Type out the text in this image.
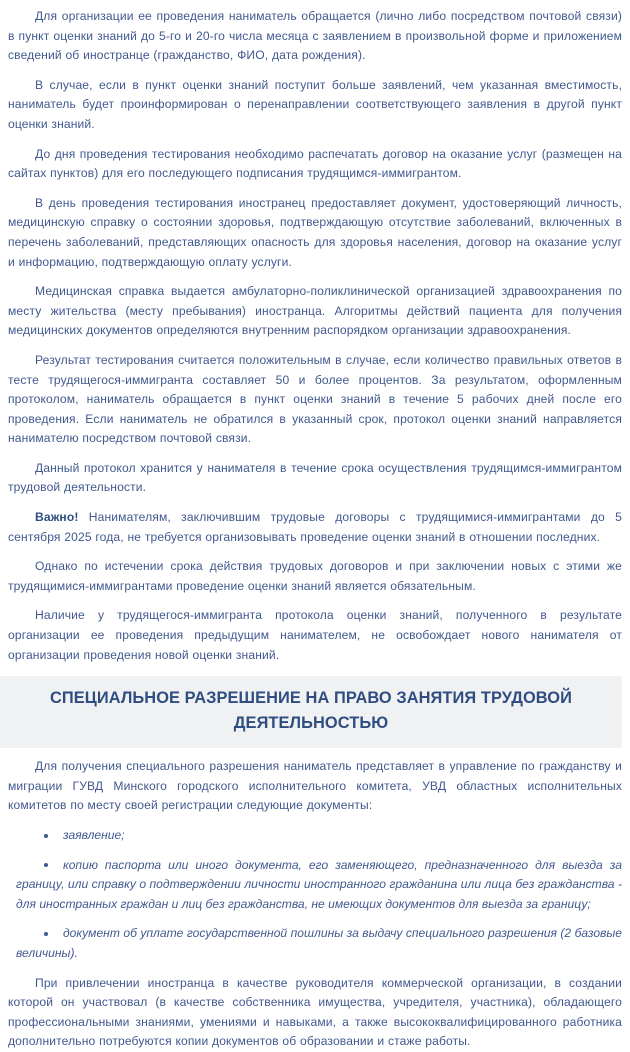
Для организации ее проведения наниматель обращается (лично либо посредством почтовой связи) в пункт оценки знаний до 5-го и 20-го числа месяца с заявлением в произвольной форме и приложением сведений об иностранце (гражданство, ФИО, дата рождения).

В случае, если в пункт оценки знаний поступит больше заявлений, чем указанная вместимость, наниматель будет проинформирован о перенаправлении соответствующего заявления в другой пункт оценки знаний.

До дня проведения тестирования необходимо распечатать договор на оказание услуг (размещен на сайтах пунктов) для его последующего подписания трудящимся-иммигрантом.

В день проведения тестирования иностранец предоставляет документ, удостоверяющий личность, медицинскую справку о состоянии здоровья, подтверждающую отсутствие заболеваний, включенных в перечень заболеваний, представляющих опасность для здоровья населения, договор на оказание услуг и информацию, подтверждающую оплату услуги.

Медицинская справка выдается амбулаторно-поликлинической организацией здравоохранения по месту жительства (месту пребывания) иностранца. Алгоритмы действий пациента для получения медицинских документов определяются внутренним распорядком организации здравоохранения.

Результат тестирования считается положительным в случае, если количество правильных ответов в тесте трудящегося-иммигранта составляет 50 и более процентов. За результатом, оформленным протоколом, наниматель обращается в пункт оценки знаний в течение 5 рабочих дней после его проведения. Если наниматель не обратился в указанный срок, протокол оценки знаний направляется нанимателю посредством почтовой связи.

Данный протокол хранится у нанимателя в течение срока осуществления трудящимся-иммигрантом трудовой деятельности.

Важно! Нанимателям, заключившим трудовые договоры с трудящимися-иммигрантами до 5 сентября 2025 года, не требуется организовывать проведение оценки знаний в отношении последних.

Однако по истечении срока действия трудовых договоров и при заключении новых с этими же трудящимися-иммигрантами проведение оценки знаний является обязательным.

Наличие у трудящегося-иммигранта протокола оценки знаний, полученного в результате организации ее проведения предыдущим нанимателем, не освобождает нового нанимателя от организации проведения новой оценки знаний.

СПЕЦИАЛЬНОЕ РАЗРЕШЕНИЕ НА ПРАВО ЗАНЯТИЯ ТРУДОВОЙ ДЕЯТЕЛЬНОСТЬЮ

Для получения специального разрешения наниматель представляет в управление по гражданству и миграции ГУВД Минского городского исполнительного комитета, УВД областных исполнительных комитетов по месту своей регистрации следующие документы:

заявление;
копию паспорта или иного документа, его заменяющего, предназначенного для выезда за границу, или справку о подтверждении личности иностранного гражданина или лица без гражданства - для иностранных граждан и лиц без гражданства, не имеющих документов для выезда за границу;
документ об уплате государственной пошлины за выдачу специального разрешения (2 базовые величины).

При привлечении иностранца в качестве руководителя коммерческой организации, в создании которой он участвовал (в качестве собственника имущества, учредителя, участника), обладающего профессиональными знаниями, умениями и навыками, а также высококвалифицированного работника дополнительно потребуются копии документов об образовании и стаже работы.
